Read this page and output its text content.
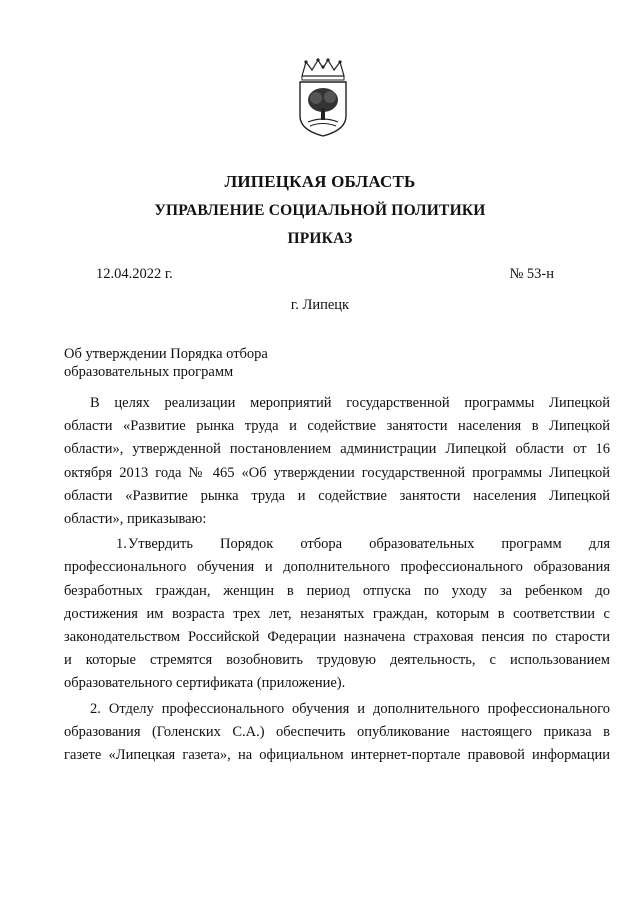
ЛИПЕЦКАЯ ОБЛАСТЬ
УПРАВЛЕНИЕ СОЦИАЛЬНОЙ ПОЛИТИКИ
ПРИКАЗ
12.04.2022 г.	№ 53-н
г. Липецк
Об утверждении Порядка отбора
образовательных программ
В целях реализации мероприятий государственной программы Липецкой
области «Развитие рынка труда и содействие занятости населения в Липецкой
области», утвержденной постановлением администрации Липецкой области от 16
октября 2013 года № 465 «Об утверждении государственной программы Липецкой
области «Развитие рынка труда и содействие занятости населения Липецкой
области», приказываю:
1.Утвердить Порядок отбора образовательных программ для
профессионального обучения и дополнительного профессионального образования
безработных граждан, женщин в период отпуска по уходу за ребенком до
достижения им возраста трех лет, незанятых граждан, которым в соответствии с
законодательством Российской Федерации назначена страховая пенсия по старости
и которые стремятся возобновить трудовую деятельность, с использованием
образовательного сертификата (приложение).
2. Отделу профессионального обучения и дополнительного профессионального
образования (Голенских С.А.) обеспечить опубликование настоящего приказа в
газете «Липецкая газета», на официальном интернет-портале правовой информации
